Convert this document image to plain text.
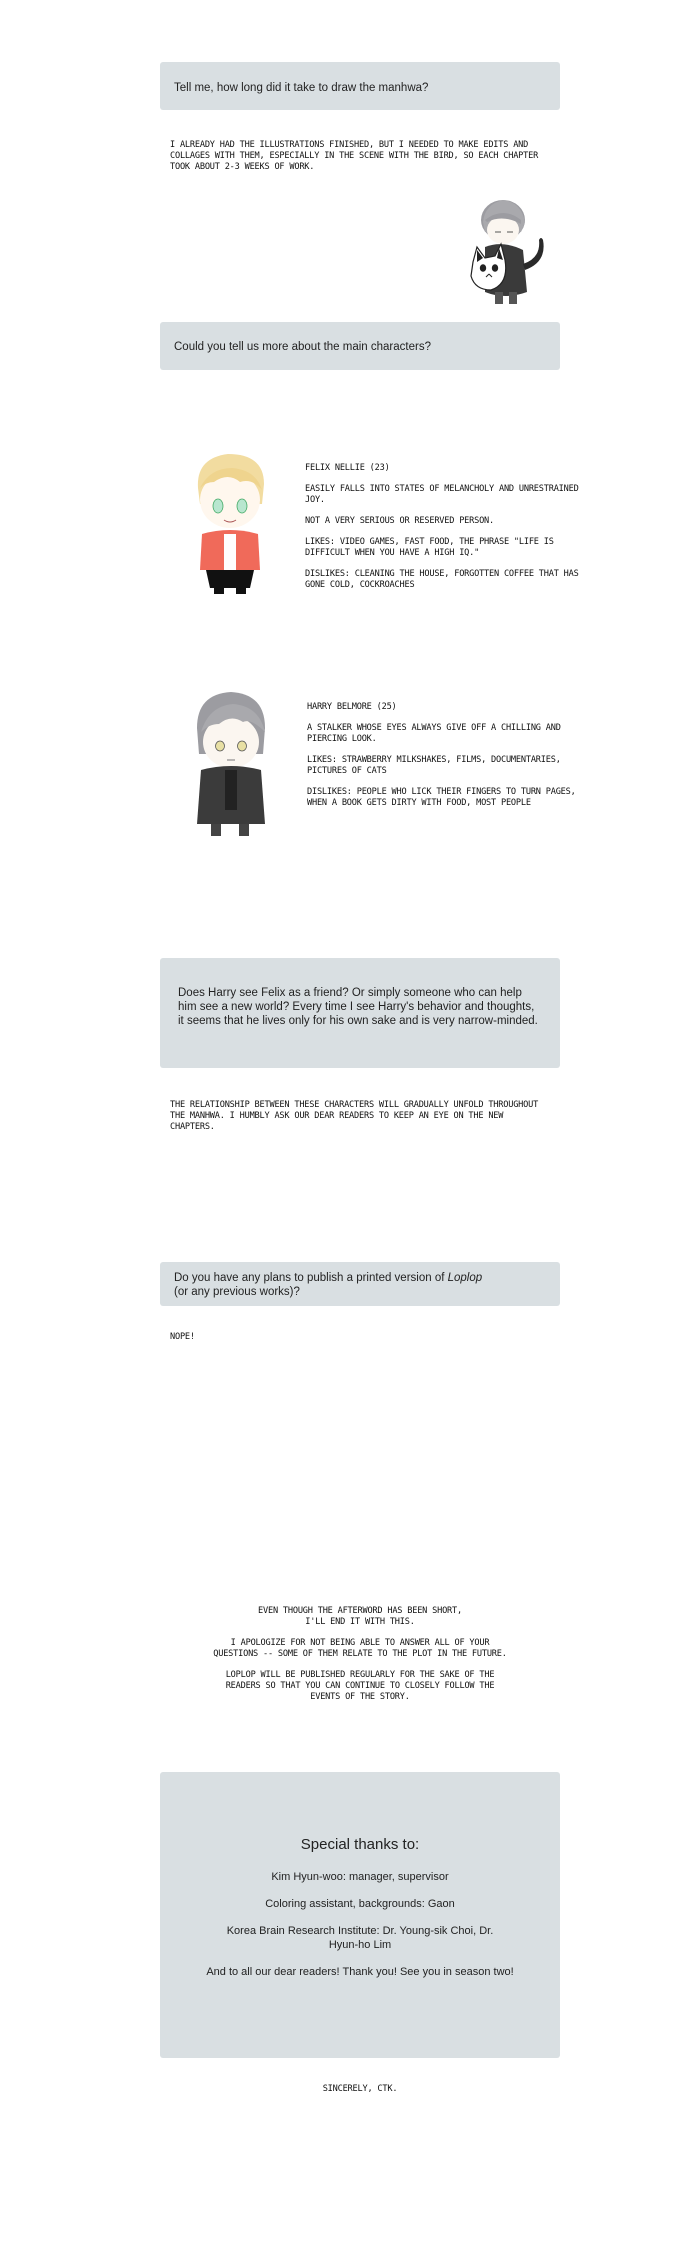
Tell me, how long did it take to draw the manhwa?

I ALREADY HAD THE ILLUSTRATIONS FINISHED, BUT I NEEDED TO MAKE EDITS AND COLLAGES WITH THEM, ESPECIALLY IN THE SCENE WITH THE BIRD, SO EACH CHAPTER TOOK ABOUT 2-3 WEEKS OF WORK.

Could you tell us more about the main characters?

FELIX NELLIE (23)

EASILY FALLS INTO STATES OF MELANCHOLY AND UNRESTRAINED JOY.

NOT A VERY SERIOUS OR RESERVED PERSON.

LIKES: VIDEO GAMES, FAST FOOD, THE PHRASE "LIFE IS DIFFICULT WHEN YOU HAVE A HIGH IQ."

DISLIKES: CLEANING THE HOUSE, FORGOTTEN COFFEE THAT HAS GONE COLD, COCKROACHES

HARRY BELMORE (25)

A STALKER WHOSE EYES ALWAYS GIVE OFF A CHILLING AND PIERCING LOOK.

LIKES: STRAWBERRY MILKSHAKES, FILMS, DOCUMENTARIES, PICTURES OF CATS

DISLIKES: PEOPLE WHO LICK THEIR FINGERS TO TURN PAGES, WHEN A BOOK GETS DIRTY WITH FOOD, MOST PEOPLE

Does Harry see Felix as a friend? Or simply someone who can help him see a new world? Every time I see Harry's behavior and thoughts, it seems that he lives only for his own sake and is very narrow-minded.

THE RELATIONSHIP BETWEEN THESE CHARACTERS WILL GRADUALLY UNFOLD THROUGHOUT THE MANHWA. I HUMBLY ASK OUR DEAR READERS TO KEEP AN EYE ON THE NEW CHAPTERS.

Do you have any plans to publish a printed version of Loplop
(or any previous works)?

NOPE!

EVEN THOUGH THE AFTERWORD HAS BEEN SHORT,
I'LL END IT WITH THIS.

I APOLOGIZE FOR NOT BEING ABLE TO ANSWER ALL OF YOUR
QUESTIONS -- SOME OF THEM RELATE TO THE PLOT IN THE FUTURE.

LOPLOP WILL BE PUBLISHED REGULARLY FOR THE SAKE OF THE
READERS SO THAT YOU CAN CONTINUE TO CLOSELY FOLLOW THE
EVENTS OF THE STORY.

Special thanks to:

Kim Hyun-woo: manager, supervisor

Coloring assistant, backgrounds: Gaon

Korea Brain Research Institute: Dr. Young-sik Choi, Dr.
Hyun-ho Lim

And to all our dear readers! Thank you! See you in season two!

SINCERELY, CTK.
